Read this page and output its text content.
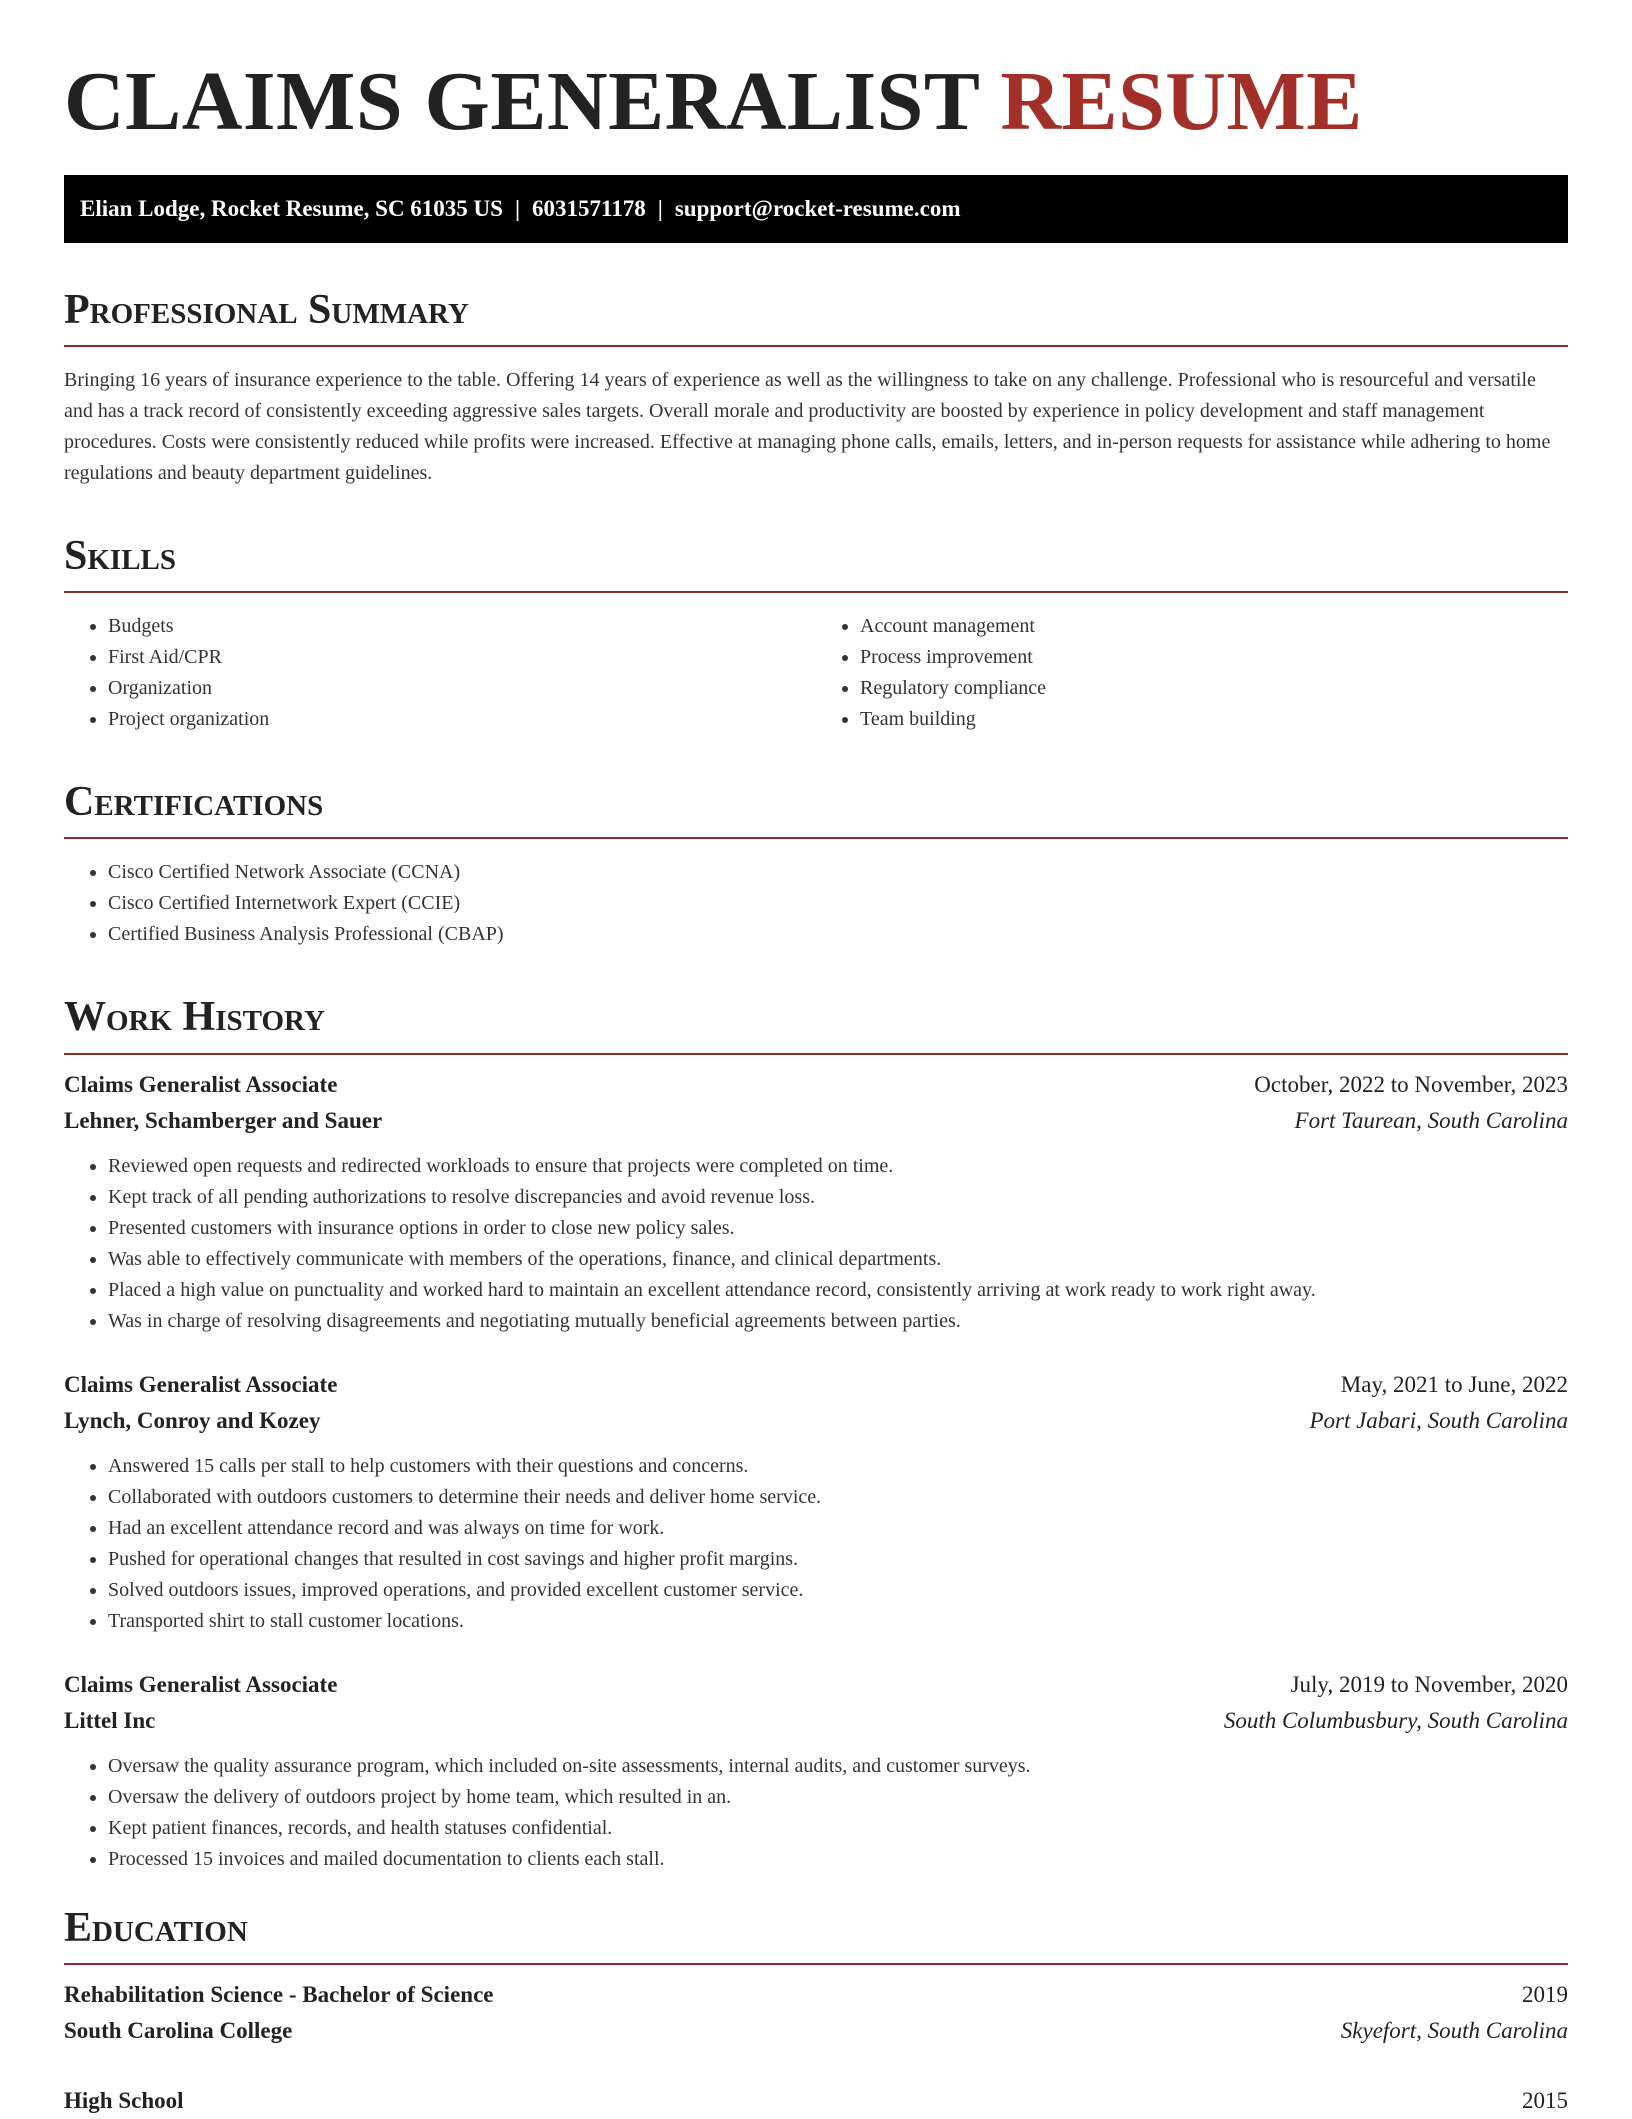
CLAIMS GENERALIST RESUME
Elian Lodge, Rocket Resume, SC 61035 US | 6031571178 | support@rocket-resume.com
Professional Summary

Bringing 16 years of insurance experience to the table. Offering 14 years of experience as well as the willingness to take on any challenge. Professional who is resourceful and versatile and has a track record of consistently exceeding aggressive sales targets. Overall morale and productivity are boosted by experience in policy development and staff management procedures. Costs were consistently reduced while profits were increased. Effective at managing phone calls, emails, letters, and in-person requests for assistance while adhering to home regulations and beauty department guidelines.

Skills
• Budgets
• First Aid/CPR
• Organization
• Project organization
• Account management
• Process improvement
• Regulatory compliance
• Team building
Certifications
• Cisco Certified Network Associate (CCNA)
• Cisco Certified Internetwork Expert (CCIE)
• Certified Business Analysis Professional (CBAP)
Work History
Claims Generalist Associate	October, 2022 to November, 2023
Lehner, Schamberger and Sauer	Fort Taurean, South Carolina
• Reviewed open requests and redirected workloads to ensure that projects were completed on time.
• Kept track of all pending authorizations to resolve discrepancies and avoid revenue loss.
• Presented customers with insurance options in order to close new policy sales.
• Was able to effectively communicate with members of the operations, finance, and clinical departments.
• Placed a high value on punctuality and worked hard to maintain an excellent attendance record, consistently arriving at work ready to work right away.
• Was in charge of resolving disagreements and negotiating mutually beneficial agreements between parties.
Claims Generalist Associate	May, 2021 to June, 2022
Lynch, Conroy and Kozey	Port Jabari, South Carolina
• Answered 15 calls per stall to help customers with their questions and concerns.
• Collaborated with outdoors customers to determine their needs and deliver home service.
• Had an excellent attendance record and was always on time for work.
• Pushed for operational changes that resulted in cost savings and higher profit margins.
• Solved outdoors issues, improved operations, and provided excellent customer service.
• Transported shirt to stall customer locations.
Claims Generalist Associate	July, 2019 to November, 2020
Littel Inc	South Columbusbury, South Carolina
• Oversaw the quality assurance program, which included on-site assessments, internal audits, and customer surveys.
• Oversaw the delivery of outdoors project by home team, which resulted in an.
• Kept patient finances, records, and health statuses confidential.
• Processed 15 invoices and mailed documentation to clients each stall.
Education
Rehabilitation Science - Bachelor of Science	2019
South Carolina College	Skyefort, South Carolina
High School	2015
